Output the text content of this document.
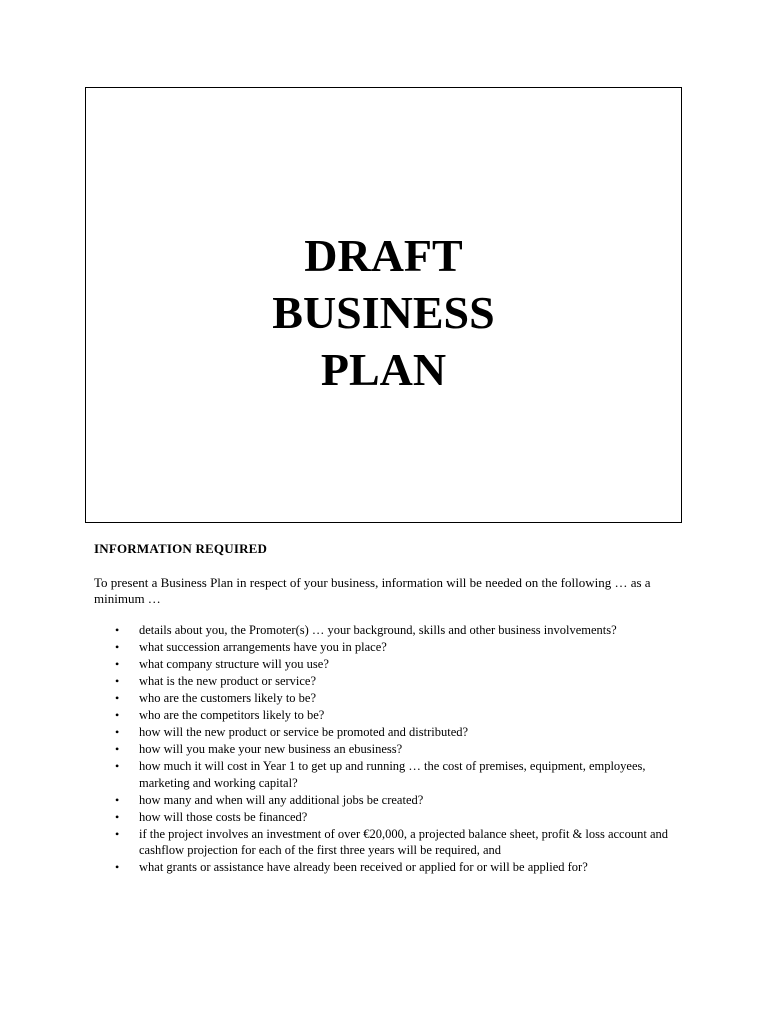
DRAFT
BUSINESS
PLAN
INFORMATION REQUIRED

To present a Business Plan in respect of your business, information will be needed on the following … as a minimum …

• details about you, the Promoter(s) … your background, skills and other business involvements?
• what succession arrangements have you in place?
• what company structure will you use?
• what is the new product or service?
• who are the customers likely to be?
• who are the competitors likely to be?
• how will the new product or service be promoted and distributed?
• how will you make your new business an ebusiness?
• how much it will cost in Year 1 to get up and running … the cost of premises, equipment, employees, marketing and working capital?
• how many and when will any additional jobs be created?
• how will those costs be financed?
• if the project involves an investment of over €20,000, a projected balance sheet, profit & loss account and cashflow projection for each of the first three years will be required, and
• what grants or assistance have already been received or applied for or will be applied for?
